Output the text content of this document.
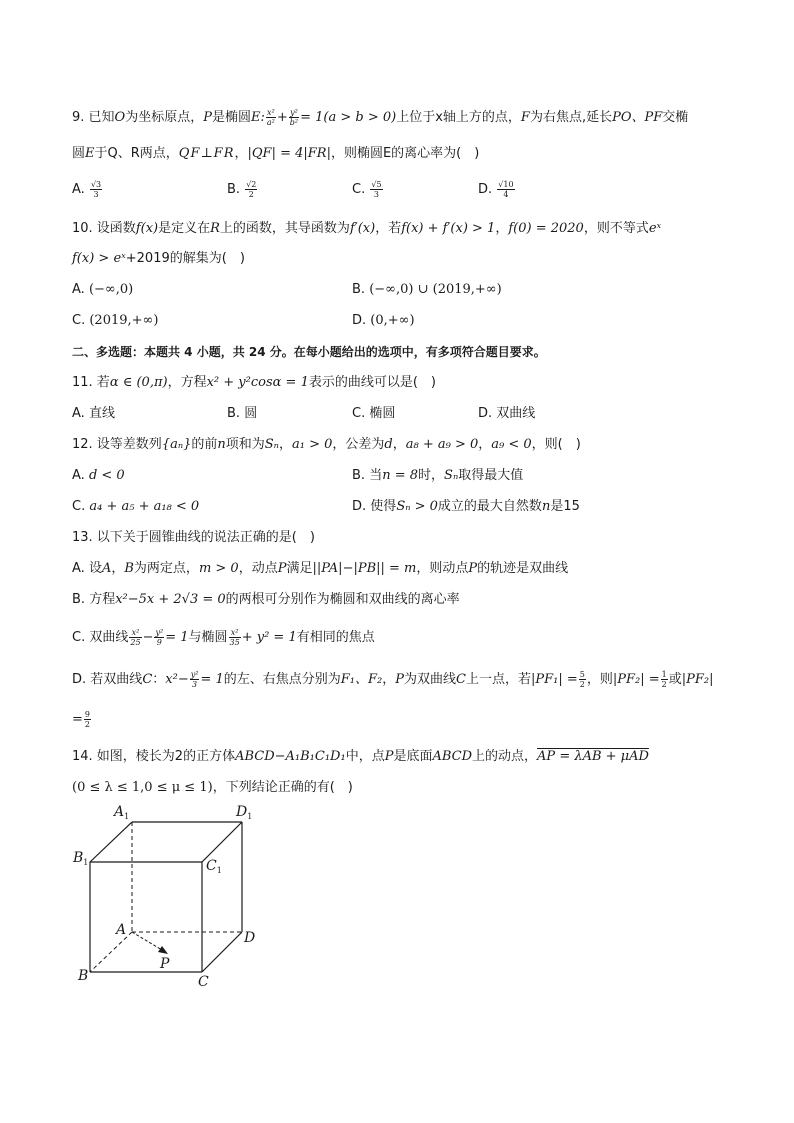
9. 已知O为坐标原点，P是椭圆E: $\frac{\text{x²}}{\text{a²}} + \frac{\text{y²}}{\text{b²}} = 1(a > b > 0)$上位于x轴上方的点，F为右焦点,延长PO、PF交椭
圆E于Q、R两点，QF⊥FR，|QF| = 4|FR|，则椭圆E的离心率为(　)
A. $\frac{√3}{3}$	B. $\frac{√2}{2}$	C. $\frac{√5}{3}$	D. $\frac{√10}{4}$
10. 设函数f(x)是定义在R上的函数，其导函数为f′(x)，若f(x) + f′(x) > 1，f(0) = 2020，则不等式eˣ
f(x) > eˣ+2019的解集为(　)
A. (−∞,0)	B. (−∞,0) ∪ (2019,+∞)
C. (2019,+∞)	D. (0,+∞)
二、多选题：本题共 4 小题，共 24 分。在每小题给出的选项中，有多项符合题目要求。
11. 若α ∈ (0,π)，方程x² + y²cosα = 1表示的曲线可以是(　)
A. 直线	B. 圆	C. 椭圆	D. 双曲线
12. 设等差数列{aₙ}的前n项和为Sₙ，a₁ > 0，公差为d，a₈ + a₉ > 0，a₉ < 0，则(　)
A. d < 0	B. 当n = 8时，Sₙ取得最大值
C. a₄ + a₅ + a₁₈ < 0	D. 使得Sₙ > 0成立的最大自然数n是15
13. 以下关于圆锥曲线的说法正确的是(　)
A. 设A，B为两定点，m > 0，动点P满足||PA|−|PB|| = m，则动点P的轨迹是双曲线
B. 方程x²−5x + 2√3 = 0的两根可分别作为椭圆和双曲线的离心率
C. 双曲线 $\frac{\text{x²}}{25} - \frac{\text{y²}}{9} = 1$与椭圆 $\frac{\text{x²}}{35} + y^2 = 1$有相同的焦点
D. 若双曲线C：$x^2- \frac{\text{y²}}{3} = 1$的左、右焦点分别为F₁、F₂，P为双曲线C上一点，若$|PF_1| = \frac{5}{2}$ ，则$|PF_2| = \frac{1}{2}$ 或|PF₂|
= $\frac{9}{2}$
14. 如图，棱长为2的正方体ABCD−A₁B₁C₁D₁中，点P是底面ABCD上的动点，AP = λAB + μAD
(0 ≤ λ ≤ 1,0 ≤ μ ≤ 1)，下列结论正确的有(　)
$A_1$	$D_1$
$B_1$	$C_1$
A	D
P
B	C
